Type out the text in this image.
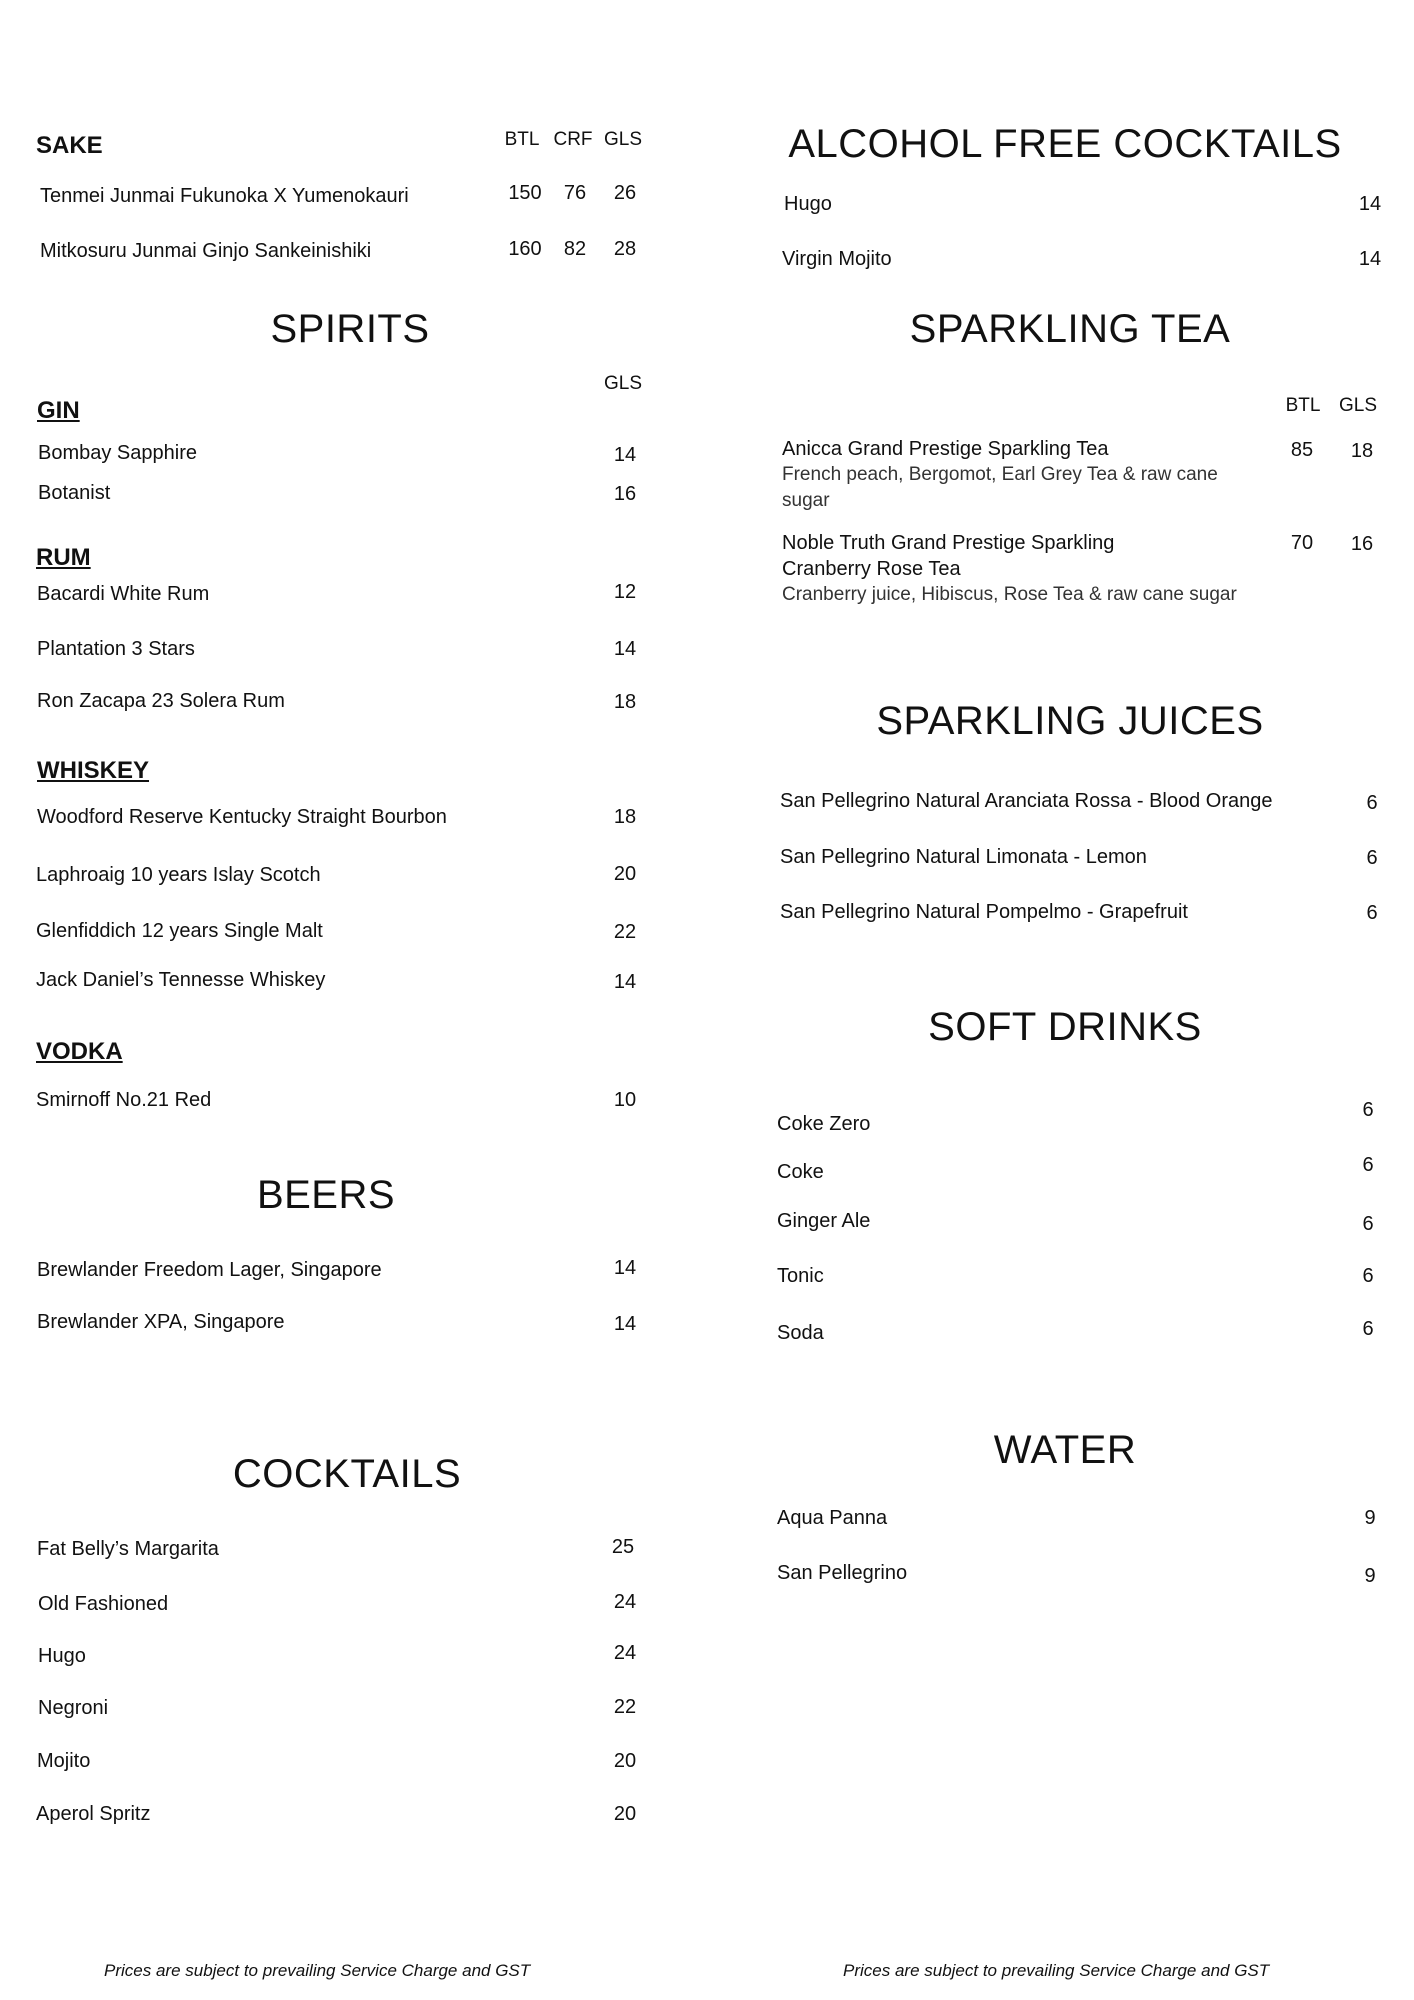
SAKE	BTL CRF GLS
Tenmei Junmai Fukunoka X Yumenokauri	150	76	26
Mitkosuru Junmai Ginjo Sankeinishiki	160	82	28
SPIRITS
GLS
GIN
Bombay Sapphire	14
Botanist	16
RUM
Bacardi White Rum	12
Plantation 3 Stars	14
Ron Zacapa 23 Solera Rum	18
WHISKEY
Woodford Reserve Kentucky Straight Bourbon	18
Laphroaig 10 years Islay Scotch	20
Glenfiddich 12 years Single Malt	22
Jack Daniel’s Tennesse Whiskey	14
VODKA
Smirnoff No.21 Red	10
BEERS
Brewlander Freedom Lager, Singapore	14
Brewlander XPA, Singapore	14
COCKTAILS
Fat Belly’s Margarita	25
Old Fashioned	24
Hugo	24
Negroni	22
Mojito	20
Aperol Spritz	20
Prices are subject to prevailing Service Charge and GST
ALCOHOL FREE COCKTAILS
Hugo	14
Virgin Mojito	14
SPARKLING TEA
BTL GLS
Anicca Grand Prestige Sparkling Tea
French peach, Bergomot, Earl Grey Tea & raw cane sugar
85	18
Noble Truth Grand Prestige Sparkling Cranberry Rose Tea
Cranberry juice, Hibiscus, Rose Tea & raw cane sugar
70	16
SPARKLING JUICES
San Pellegrino Natural Aranciata Rossa - Blood Orange	6
San Pellegrino Natural Limonata - Lemon	6
San Pellegrino Natural Pompelmo - Grapefruit	6
SOFT DRINKS
Coke Zero
6
Coke	6
Ginger Ale	6
Tonic	6
Soda	6
WATER
Aqua Panna	9
San Pellegrino	9
Prices are subject to prevailing Service Charge and GST
